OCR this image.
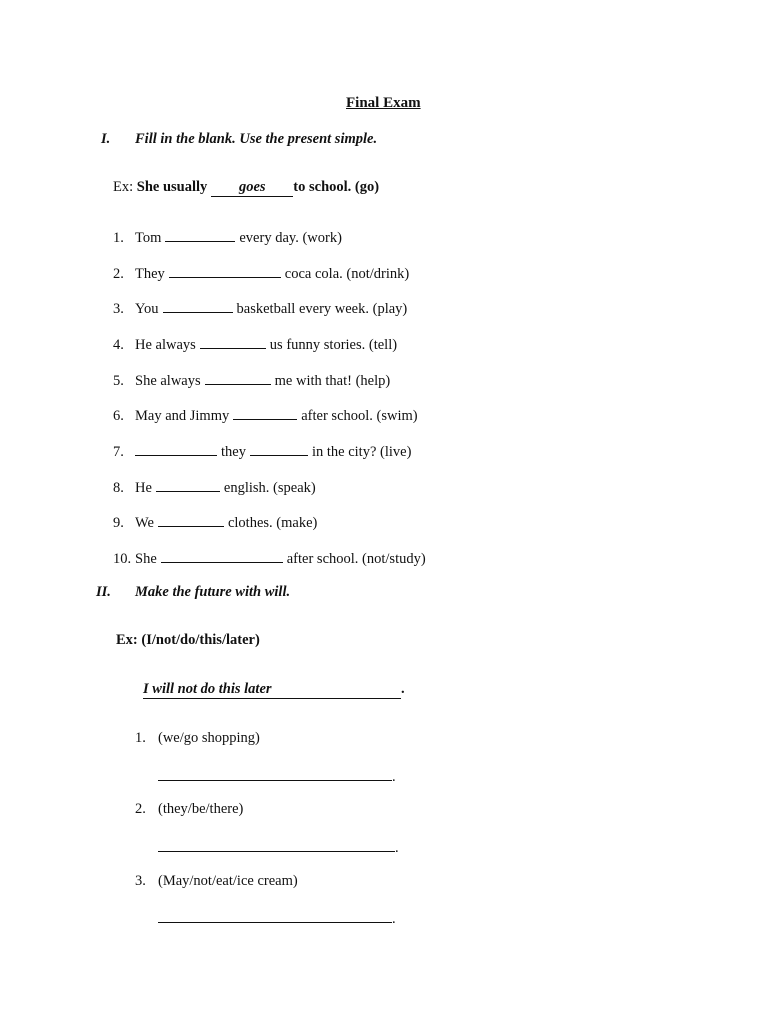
Final Exam
I. Fill in the blank. Use the present simple.
Ex: She usually goes to school. (go)
1. Tom	every day. (work)
2. They	coca cola. (not/drink)
3. You	basketball every week. (play)
4. He always	us funny stories. (tell)
5. She always	me with that! (help)
6. May and Jimmy	after school. (swim)
7.	they	in the city? (live)
8. He	english. (speak)
9. We	clothes. (make)
10. She	after school. (not/study)
II. Make the future with will.
Ex: (I/not/do/this/later)
I will not do this later	.
1. (we/go shopping)
.
2. (they/be/there)
.
3. (May/not/eat/ice cream)
.
